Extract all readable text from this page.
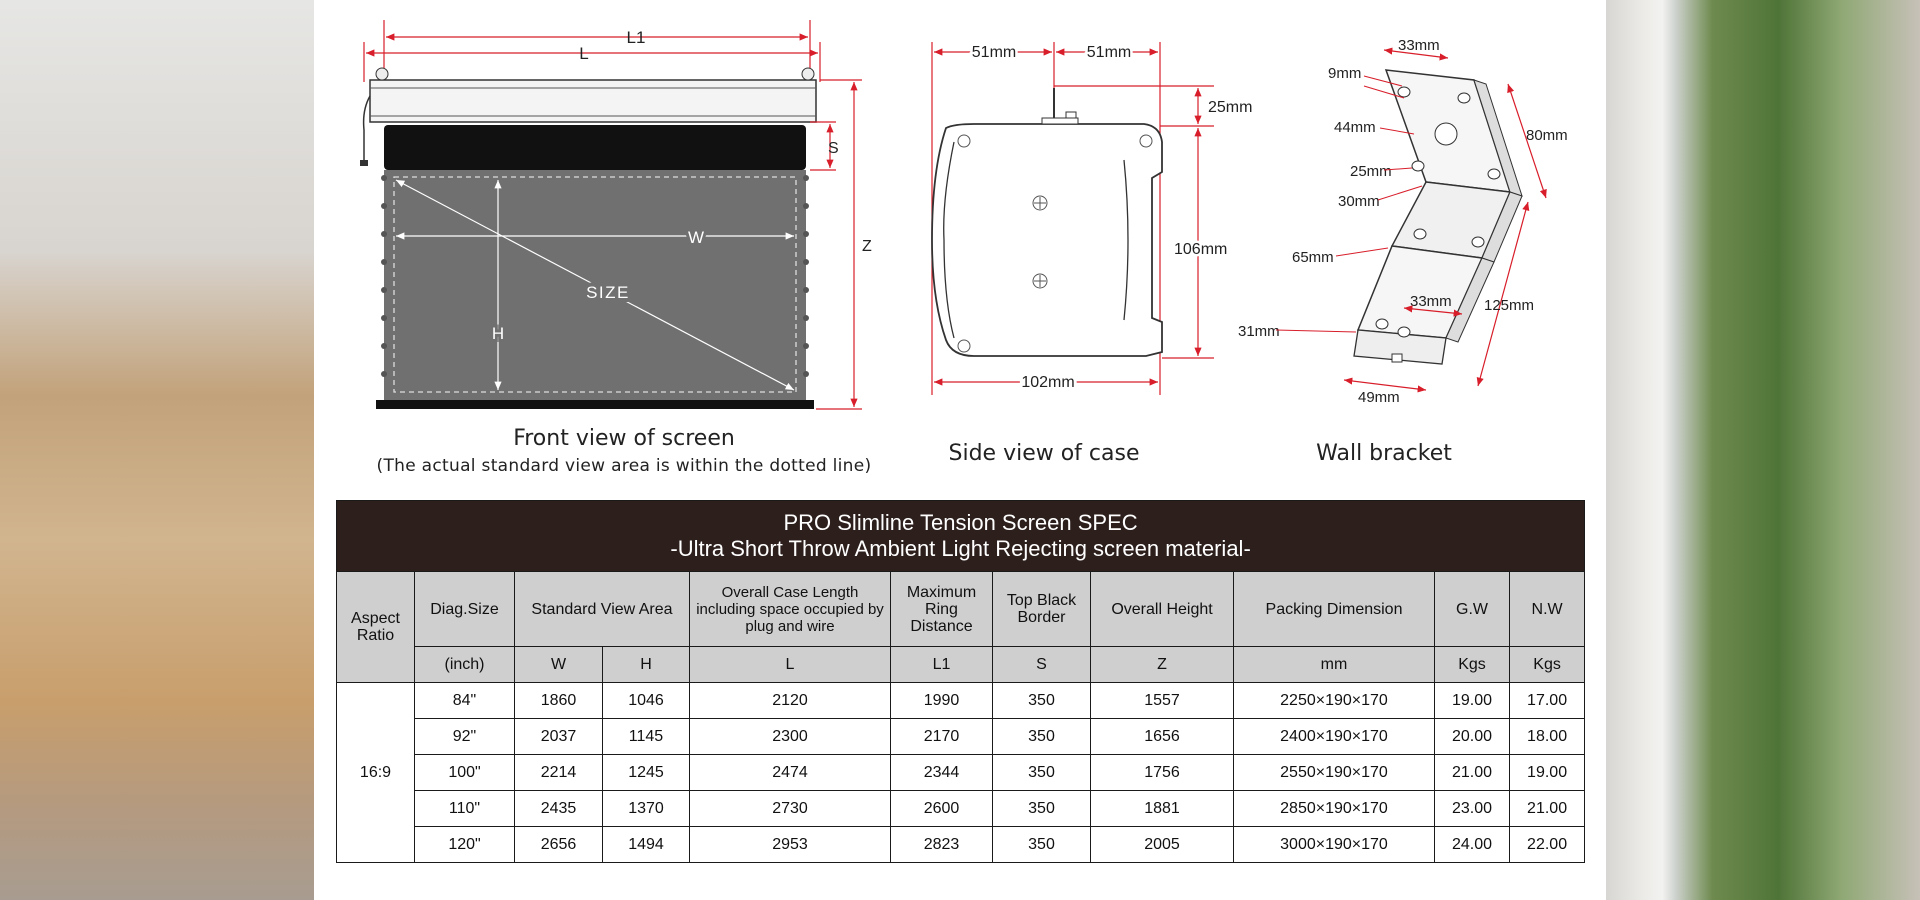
L1
L
W
H
SIZE
S
Z
51mm	51mm
25mm
106mm
102mm
33mm
80mm
125mm
49mm
33mm
9mm
44mm
25mm
30mm
65mm
31mm
Front view of screen
(The actual standard view area is within the dotted line)	Side view of case	Wall bracket
PRO Slimline Tension Screen SPEC
-Ultra Short Throw Ambient Light Rejecting screen material-										

Aspect Ratio	Diag.Size	Standard View Area		Overall Case Length including space occupied by plug and wire	Maximum Ring Distance	Top Black Border	Overall Height	Packing Dimension	G.W	N.W
	(inch)	W	H	L	L1	S	Z	mm	Kgs	Kgs
16:9	84"	1860	1046	2120	1990	350	1557	2250×190×170	19.00	17.00
	92"	2037	1145	2300	2170	350	1656	2400×190×170	20.00	18.00
	100"	2214	1245	2474	2344	350	1756	2550×190×170	21.00	19.00
	110"	2435	1370	2730	2600	350	1881	2850×190×170	23.00	21.00
	120"	2656	1494	2953	2823	350	2005	3000×190×170	24.00	22.00
